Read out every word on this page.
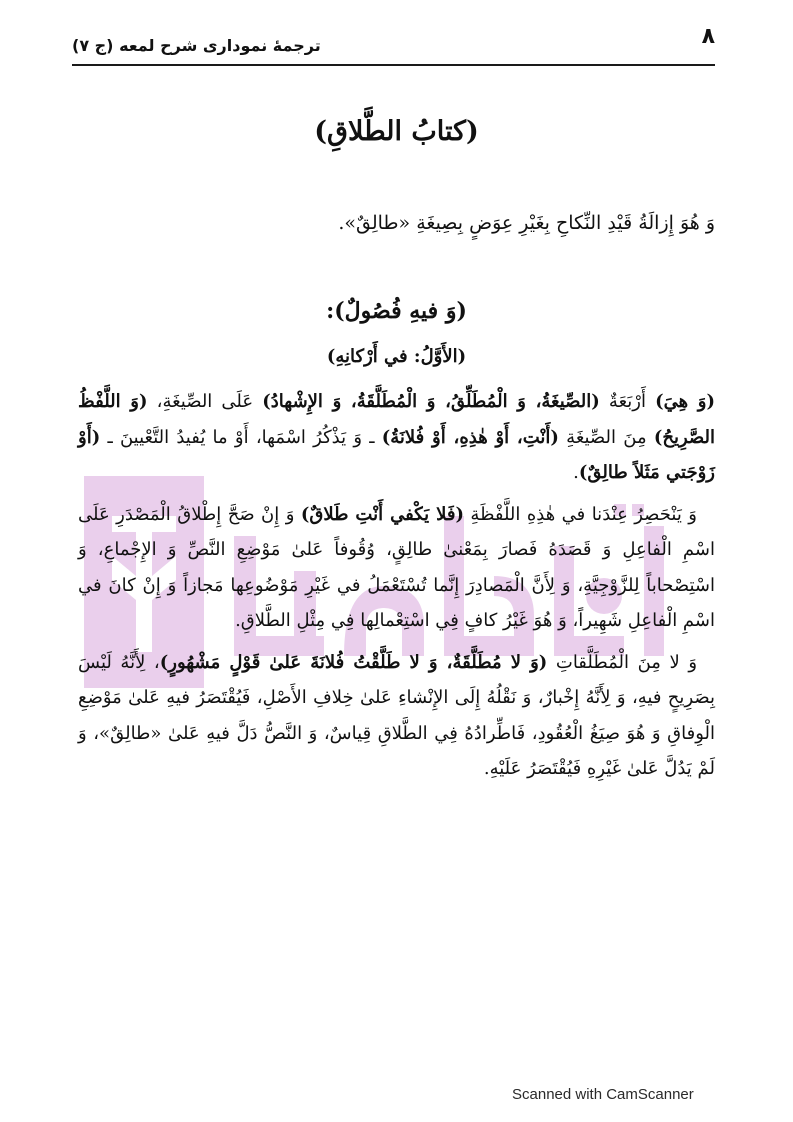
٨
ترجمهٔ نموداری شرح لمعه (ج ۷)
(كتابُ الطَّلاقِ)
وَ هُوَ إِزالَةُ قَيْدِ النِّكاحِ بِغَيْرِ عِوَضٍ بِصِيغَةِ «طالِقٌ».
(وَ فيهِ فُصُولٌ):
(الأَوَّلُ: في أَرْكانِهِ)

(وَ هِيَ) أَرْبَعَةٌ (الصِّيغَةُ، وَ الْمُطَلِّقُ، وَ الْمُطَلَّقَةُ، وَ الإِشْهادُ) عَلَى الصِّيغَةِ، (وَ اللَّفْظُ الصَّرِيحُ) مِنَ الصِّيغَةِ (أَنْتِ، أَوْ هٰذِهِ، أَوْ فُلانَةُ) ـ وَ يَذْكُرُ اسْمَها، أَوْ ما يُفيدُ التَّعْيينَ ـ (أَوْ زَوْجَتي مَثَلاً طالِقٌ).

وَ يَنْحَصِرُ عِنْدَنا في هٰذِهِ اللَّفْظَةِ (فَلا يَكْفي أَنْتِ طَلاقٌ) وَ إِنْ صَحَّ إِطْلاقُ الْمَصْدَرِ عَلَى اسْمِ الْفاعِلِ وَ قَصَدَهُ فَصارَ بِمَعْنىٰ طالِقٍ، وُقُوفاً عَلىٰ مَوْضِعِ النَّصِّ وَ الإِجْماعِ، وَ اسْتِصْحاباً لِلزَّوْجِيَّةِ، وَ لِأَنَّ الْمَصادِرَ إِنَّما تُسْتَعْمَلُ في غَيْرِ مَوْضُوعِها مَجازاً وَ إِنْ كانَ في اسْمِ الْفاعِلِ شَهِيراً، وَ هُوَ غَيْرُ كافٍ فِي اسْتِعْمالِها فِي مِثْلِ الطَّلاقِ.

وَ لا مِنَ الْمُطَلَّقاتِ (وَ لا مُطَلَّقَةٌ، وَ لا طَلَّقْتُ فُلانَةَ عَلىٰ قَوْلٍ مَشْهُورٍ)، لِأَنَّهُ لَيْسَ بِصَرِيحٍ فيهِ، وَ لِأَنَّهُ إِخْبارٌ، وَ نَقْلُهُ إِلَى الإِنْشاءِ عَلىٰ خِلافِ الأَصْلِ، فَيُقْتَصَرُ فيهِ عَلىٰ مَوْضِعِ الْوِفاقِ وَ هُوَ صِيَغُ الْعُقُودِ، فَاطِّرادُهُ فِي الطَّلاقِ قِياسٌ، وَ النَّصُّ دَلَّ فيهِ عَلىٰ «طالِقٌ»، وَ لَمْ يَدُلَّ عَلىٰ غَيْرِهِ فَيُقْتَصَرُ عَلَيْهِ.

Scanned with CamScanner
